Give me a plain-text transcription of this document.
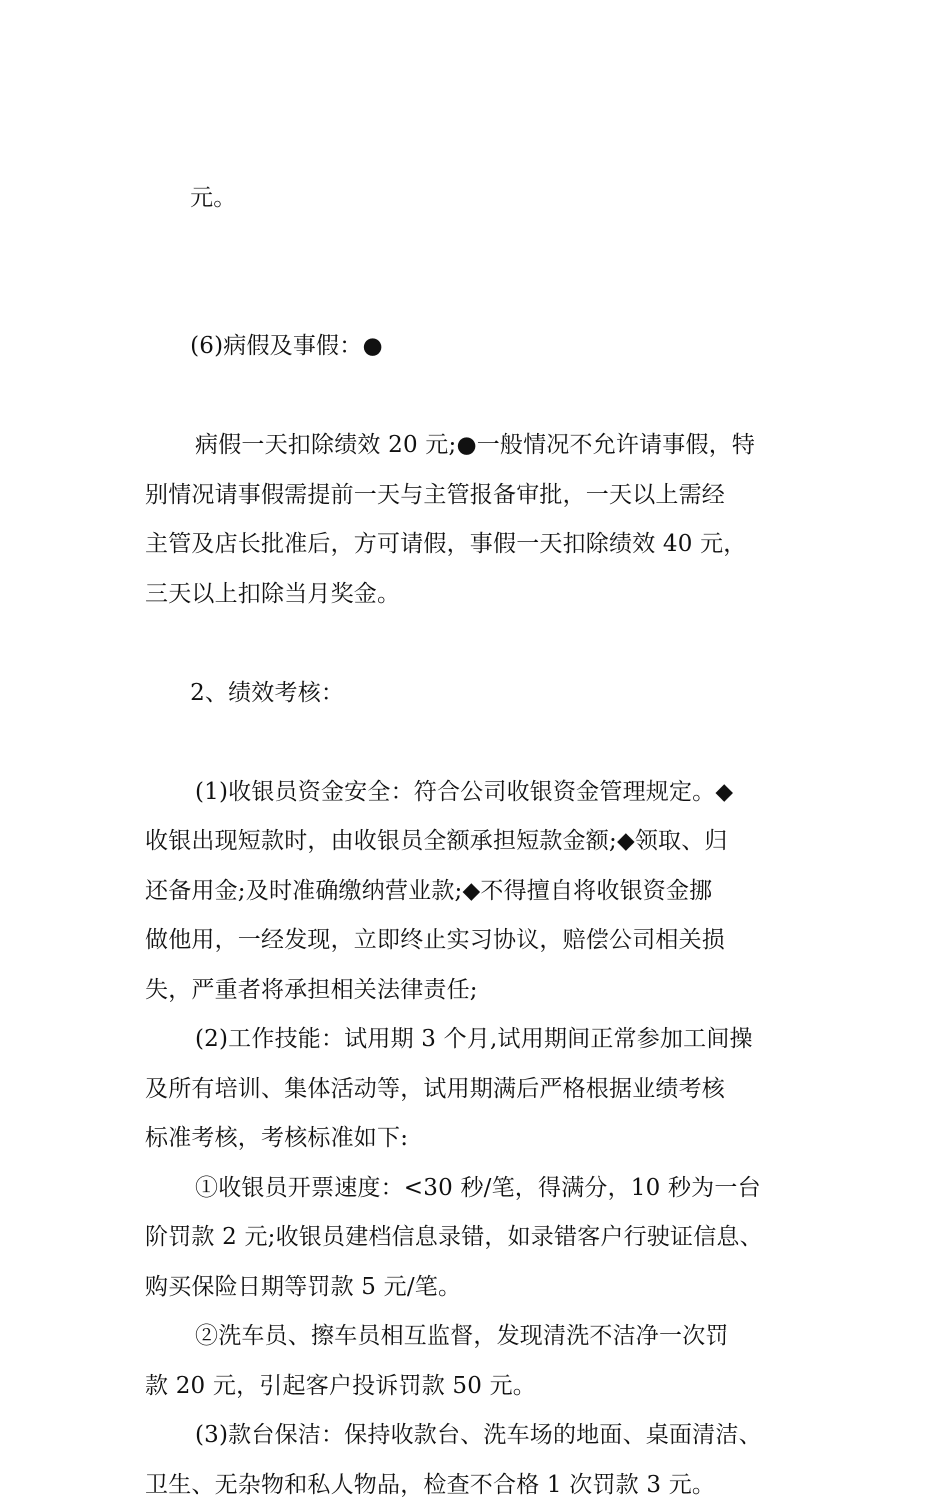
元。

(6)病假及事假：●

病假一天扣除绩效 20 元;●一般情况不允许请事假，特
别情况请事假需提前一天与主管报备审批，一天以上需经
主管及店长批准后，方可请假，事假一天扣除绩效 40 元，
三天以上扣除当月奖金。

2、绩效考核：

(1)收银员资金安全：符合公司收银资金管理规定。◆
收银出现短款时，由收银员全额承担短款金额;◆领取、归
还备用金;及时准确缴纳营业款;◆不得擅自将收银资金挪
做他用，一经发现，立即终止实习协议，赔偿公司相关损
失，严重者将承担相关法律责任;

(2)工作技能：试用期 3 个月,试用期间正常参加工间操
及所有培训、集体活动等，试用期满后严格根据业绩考核
标准考核，考核标准如下:

①收银员开票速度：<30 秒/笔，得满分，10 秒为一台
阶罚款 2 元;收银员建档信息录错，如录错客户行驶证信息、
购买保险日期等罚款 5 元/笔。

②洗车员、擦车员相互监督，发现清洗不洁净一次罚
款 20 元，引起客户投诉罚款 50 元。

(3)款台保洁：保持收款台、洗车场的地面、桌面清洁、
卫生、无杂物和私人物品，检查不合格 1 次罚款 3 元。
